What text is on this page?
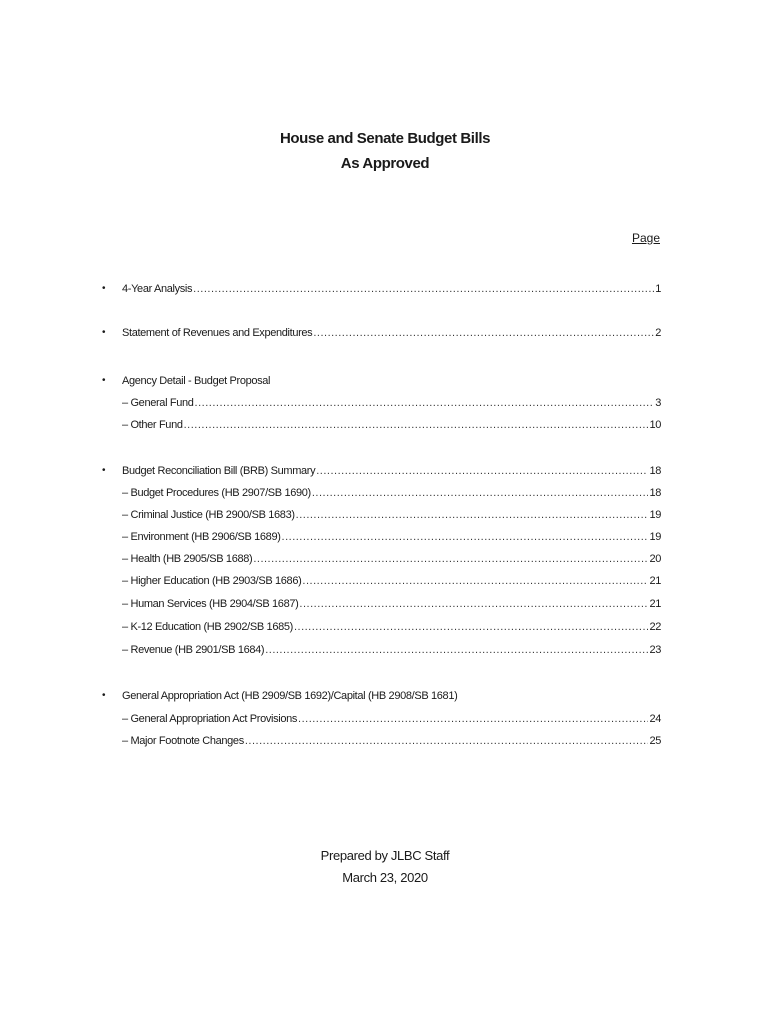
House and Senate Budget Bills
As Approved
Page
• 4-Year Analysis .....	1
• Statement of Revenues and Expenditures .....	2
• Agency Detail - Budget Proposal
– General Fund .....	3
– Other Fund .....	10
• Budget Reconciliation Bill (BRB) Summary .....	18
– Budget Procedures (HB 2907/SB 1690) .....	18
– Criminal Justice (HB 2900/SB 1683) .....	19
– Environment (HB 2906/SB 1689) .....	19
– Health (HB 2905/SB 1688) .....	20
– Higher Education (HB 2903/SB 1686) .....	21
– Human Services (HB 2904/SB 1687) .....	21
– K-12 Education (HB 2902/SB 1685) .....	22
– Revenue (HB 2901/SB 1684) .....	23
• General Appropriation Act (HB 2909/SB 1692)/Capital (HB 2908/SB 1681)
– General Appropriation Act Provisions .....	24
– Major Footnote Changes .....	25
Prepared by JLBC Staff
March 23, 2020
